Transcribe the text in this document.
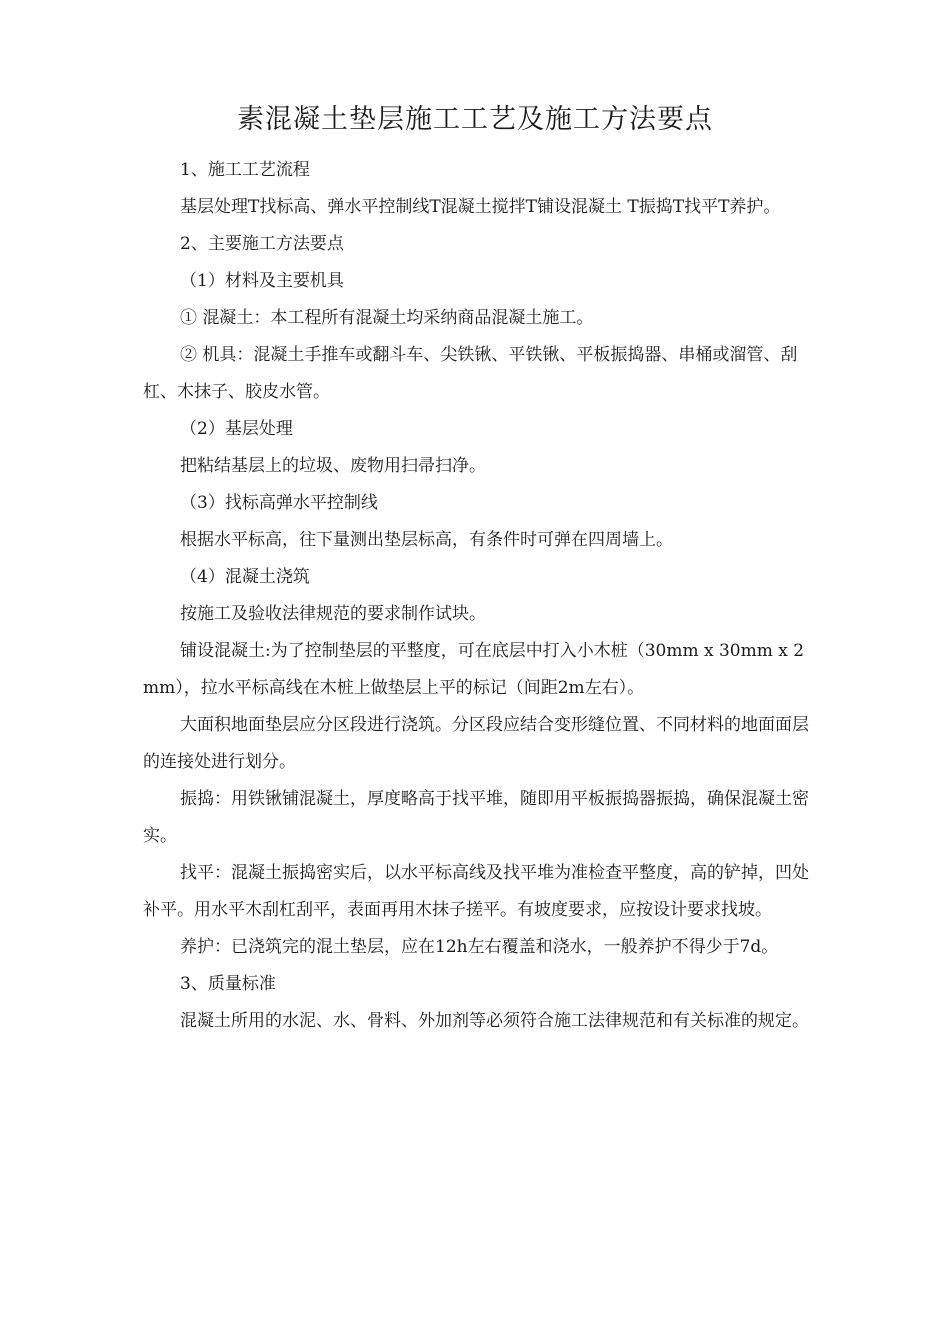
素混凝土垫层施工工艺及施工方法要点

1、施工工艺流程

基层处理T找标高、弹水平控制线T混凝土搅拌T铺设混凝土 T振捣T找平T养护。

2、主要施工方法要点

（1）材料及主要机具

① 混凝土：本工程所有混凝土均采纳商品混凝土施工。

② 机具：混凝土手推车或翻斗车、尖铁锹、平铁锹、平板振捣器、串桶或溜管、刮杠、木抹子、胶皮水管。

（2）基层处理

把粘结基层上的垃圾、废物用扫帚扫净。

（3）找标高弹水平控制线

根据水平标高，往下量测出垫层标高，有条件时可弹在四周墙上。

（4）混凝土浇筑

按施工及验收法律规范的要求制作试块。

铺设混凝土:为了控制垫层的平整度，可在底层中打入小木桩（30mm x 30mm x 2mm），拉水平标高线在木桩上做垫层上平的标记（间距2m左右）。

大面积地面垫层应分区段进行浇筑。分区段应结合变形缝位置、不同材料的地面面层的连接处进行划分。

振捣：用铁锹铺混凝土，厚度略高于找平堆，随即用平板振捣器振捣，确保混凝土密实。

找平：混凝土振捣密实后，以水平标高线及找平堆为准检查平整度，高的铲掉，凹处补平。用水平木刮杠刮平，表面再用木抹子搓平。有坡度要求，应按设计要求找坡。

养护：已浇筑完的混土垫层，应在12h左右覆盖和浇水，一般养护不得少于7d。

3、质量标准

混凝土所用的水泥、水、骨料、外加剂等必须符合施工法律规范和有关标准的规定。
